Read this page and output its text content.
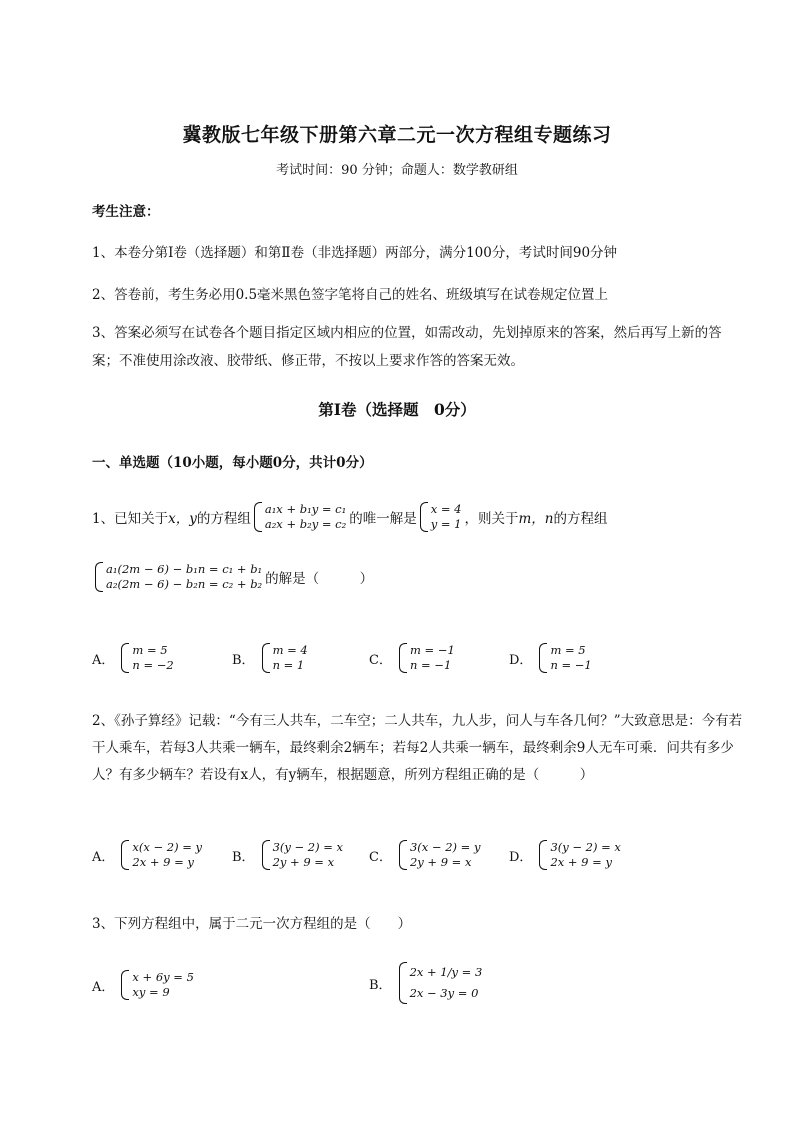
冀教版七年级下册第六章二元一次方程组专题练习
考试时间：90 分钟；命题人：数学教研组
考生注意：
1、本卷分第Ⅰ卷（选择题）和第Ⅱ卷（非选择题）两部分，满分100分，考试时间90分钟
2、答卷前，考生务必用0.5毫米黑色签字笔将自己的姓名、班级填写在试卷规定位置上
3、答案必须写在试卷各个题目指定区域内相应的位置，如需改动，先划掉原来的答案，然后再写上新的答案；不准使用涂改液、胶带纸、修正带，不按以上要求作答的答案无效。
第Ⅰ卷（选择题　0分）
一、单选题（10小题，每小题0分，共计0分）
1、已知关于 x，y 的方程组
a₁x + b₁y = c₁
a₂x + b₂y = c₂ 的唯一解是
x = 4
y = 1 ，则关于 m，n 的方程组
a₁(2m − 6) − b₁n = c₁ + b₁
a₂(2m − 6) − b₂n = c₂ + b₂ 的解是（　　　）
A．
m = 5
n = −2	B．
m = 4
n = 1	C．
m = −1
n = −1	D．
m = 5
n = −1
2、《孙子算经》记载：“今有三人共车，二车空；二人共车，九人步，问人与车各几何？”大致意思是：今有若干人乘车，若每3人共乘一辆车，最终剩余2辆车；若每2人共乘一辆车，最终剩余9人无车可乘．问共有多少人？有多少辆车？若设有x人，有y辆车，根据题意，所列方程组正确的是（　　　）
A．
x(x − 2) = y
2x + 9 = y	B．
3(y − 2) = x
2y + 9 = x	C．
3(x − 2) = y
2y + 9 = x	D．
3(y − 2) = x
2x + 9 = y
3、下列方程组中，属于二元一次方程组的是（　　）
A．
x + 6y = 5
xy = 9	B．
2x + 1/y = 3
2x − 3y = 0
